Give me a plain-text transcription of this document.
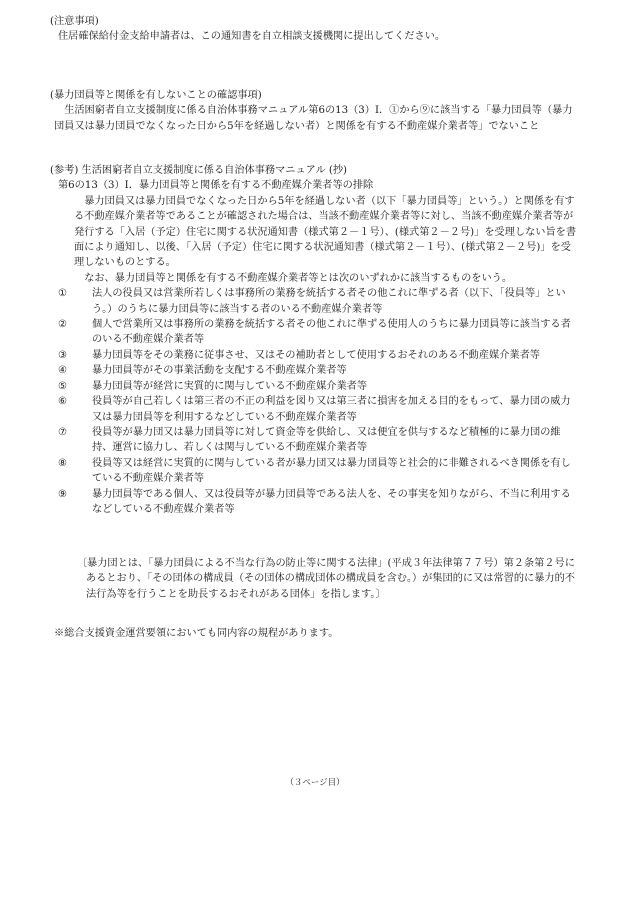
(注意事項)

住居確保給付金支給申請者は、この通知書を自立相談支援機関に提出してください。

(暴力団員等と関係を有しないことの確認事項)

生活困窮者自立支援制度に係る自治体事務マニュアル第6の13（3）Ⅰ．①から⑨に該当する「暴力団員等（暴力団員又は暴力団員でなくなった日から5年を経過しない者）と関係を有する不動産媒介業者等」でないこと

(参考) 生活困窮者自立支援制度に係る自治体事務マニュアル (抄)

第6の13（3）Ⅰ．暴力団員等と関係を有する不動産媒介業者等の排除

暴力団員又は暴力団員でなくなった日から5年を経過しない者（以下「暴力団員等」という。）と関係を有する不動産媒介業者等であることが確認された場合は、当該不動産媒介業者等に対し、当該不動産媒介業者等が発行する「入居（予定）住宅に関する状況通知書（様式第２－１号）、(様式第２－２号)」を受理しない旨を書面により通知し、以後、「入居（予定）住宅に関する状況通知書（様式第２－１号）、(様式第２－２号)」を受理しないものとする。

なお、暴力団員等と関係を有する不動産媒介業者等とは次のいずれかに該当するものをいう。

① 法人の役員又は営業所若しくは事務所の業務を統括する者その他これに準ずる者（以下、「役員等」という。）のうちに暴力団員等に該当する者のいる不動産媒介業者等
② 個人で営業所又は事務所の業務を統括する者その他これに準ずる使用人のうちに暴力団員等に該当する者のいる不動産媒介業者等
③ 暴力団員等をその業務に従事させ、又はその補助者として使用するおそれのある不動産媒介業者等
④ 暴力団員等がその事業活動を支配する不動産媒介業者等
⑤ 暴力団員等が経営に実質的に関与している不動産媒介業者等
⑥ 役員等が自己若しくは第三者の不正の利益を図り又は第三者に損害を加える目的をもって、暴力団の威力又は暴力団員等を利用するなどしている不動産媒介業者等
⑦ 役員等が暴力団又は暴力団員等に対して資金等を供給し、又は便宜を供与するなど積極的に暴力団の維持、運営に協力し、若しくは関与している不動産媒介業者等
⑧ 役員等又は経営に実質的に関与している者が暴力団又は暴力団員等と社会的に非難されるべき関係を有している不動産媒介業者等
⑨ 暴力団員等である個人、又は役員等が暴力団員等である法人を、その事実を知りながら、不当に利用するなどしている不動産媒介業者等

〔暴力団とは、「暴力団員による不当な行為の防止等に関する法律」(平成３年法律第７７号）第２条第２号にあるとおり、「その団体の構成員（その団体の構成団体の構成員を含む。）が集団的に又は常習的に暴力的不法行為等を行うことを助長するおそれがある団体」を指します。〕

※総合支援資金運営要領においても同内容の規程があります。

（３ページ目）
